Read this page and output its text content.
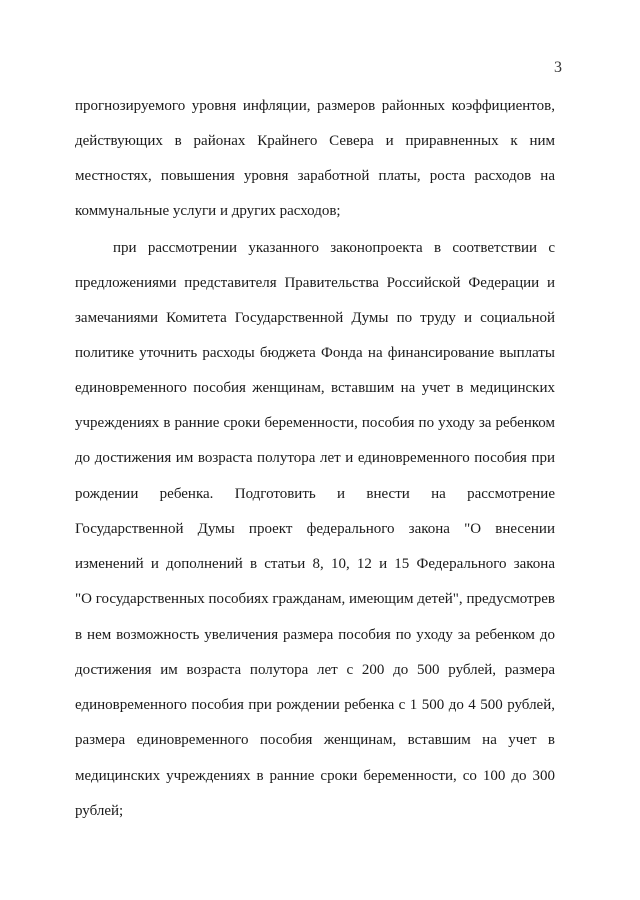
3
прогнозируемого уровня инфляции, размеров районных коэффициентов,
действующих в районах Крайнего Севера и приравненных к ним
местностях, повышения уровня заработной платы, роста расходов на
коммунальные услуги и других расходов;
при рассмотрении указанного законопроекта в соответствии с
предложениями представителя Правительства Российской Федерации и
замечаниями Комитета Государственной Думы по труду и социальной
политике уточнить расходы бюджета Фонда на финансирование выплаты
единовременного пособия женщинам, вставшим на учет в медицинских
учреждениях в ранние сроки беременности, пособия по уходу за ребенком
до достижения им возраста полутора лет и единовременного пособия при
рождении ребенка. Подготовить и внести на рассмотрение
Государственной Думы проект федерального закона "О внесении
изменений и дополнений в статьи 8, 10, 12 и 15 Федерального закона
"О государственных пособиях гражданам, имеющим детей", предусмотрев
в нем возможность увеличения размера пособия по уходу за ребенком до
достижения им возраста полутора лет с 200 до 500 рублей, размера
единовременного пособия при рождении ребенка с 1 500 до 4 500 рублей,
размера единовременного пособия женщинам, вставшим на учет в
медицинских учреждениях в ранние сроки беременности, со 100 до 300
рублей;
